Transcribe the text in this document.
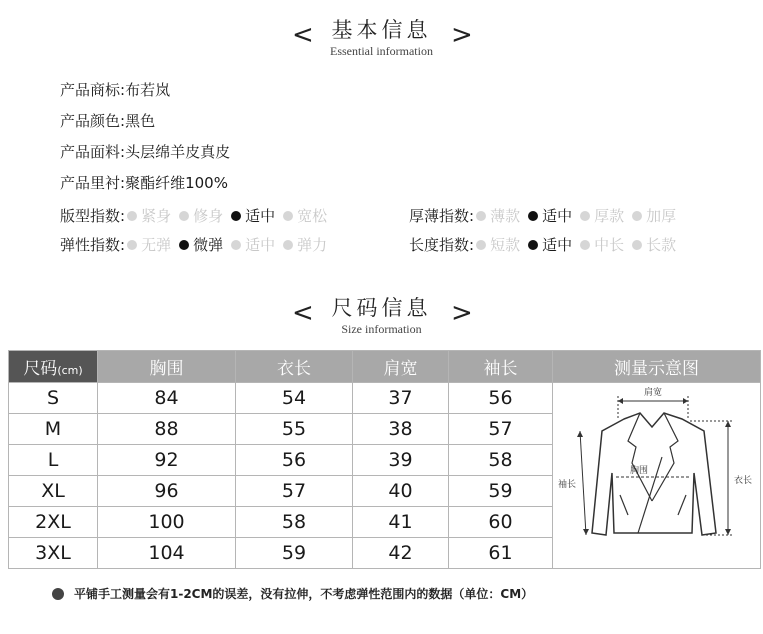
< 基本信息
Essential information
>
产品商标:布若岚
产品颜色:黑色
产品面料:头层绵羊皮真皮
产品里衬:聚酯纤维100%
版型指数: 紧身 修身 适中 宽松	厚薄指数: 薄款 适中 厚款 加厚
弹性指数: 无弹 微弹 适中 弹力	长度指数: 短款 适中 中长 长款
< 尺码信息
Size information
>
尺码(cm)	胸围	衣长	肩宽	袖长	测量示意图
S	84	54	37	56	肩宽
胸围
袖长 衣长

M	88	55	38	57	
L	92	56	39	58	
XL	96	57	40	59	
2XL	100	58	41	60	
3XL	104	59	42	61	
平铺手工测量会有1-2CM的误差，没有拉伸，不考虑弹性范围内的数据（单位：CM）
